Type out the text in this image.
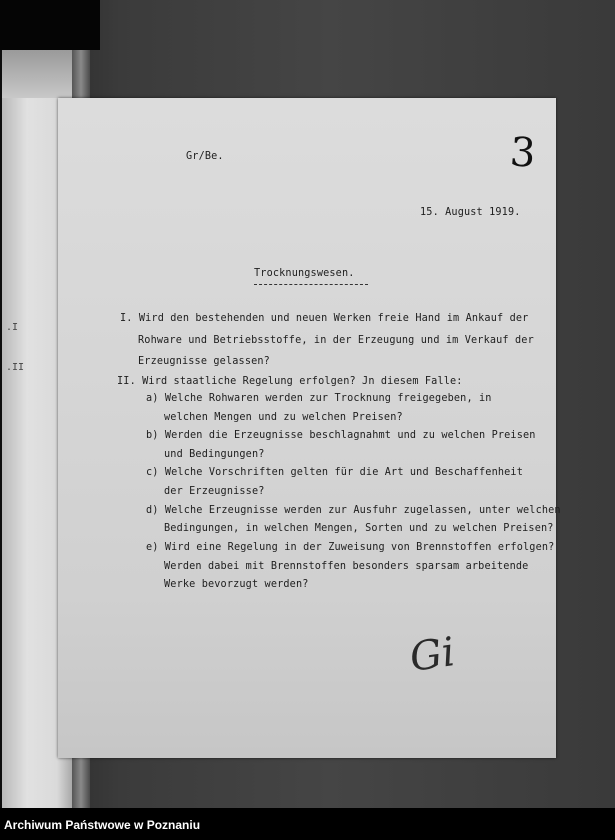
.I
.II
Gr/Be.	3
15. August 1919.
Trocknungswesen.
I. Wird den bestehenden und neuen Werken freie Hand im Ankauf der
Rohware und Betriebsstoffe, in der Erzeugung und im Verkauf der
Erzeugnisse gelassen?
II. Wird staatliche Regelung erfolgen? Jn diesem Falle:
a) Welche Rohwaren werden zur Trocknung freigegeben, in
welchen Mengen und zu welchen Preisen?
b) Werden die Erzeugnisse beschlagnahmt und zu welchen Preisen
und Bedingungen?
c) Welche Vorschriften gelten für die Art und Beschaffenheit
der Erzeugnisse?
d) Welche Erzeugnisse werden zur Ausfuhr zugelassen, unter welchen
Bedingungen, in welchen Mengen, Sorten und zu welchen Preisen?
e) Wird eine Regelung in der Zuweisung von Brennstoffen erfolgen?
Werden dabei mit Brennstoffen besonders sparsam arbeitende
Werke bevorzugt werden?
Gi
Archiwum Państwowe w Poznaniu
